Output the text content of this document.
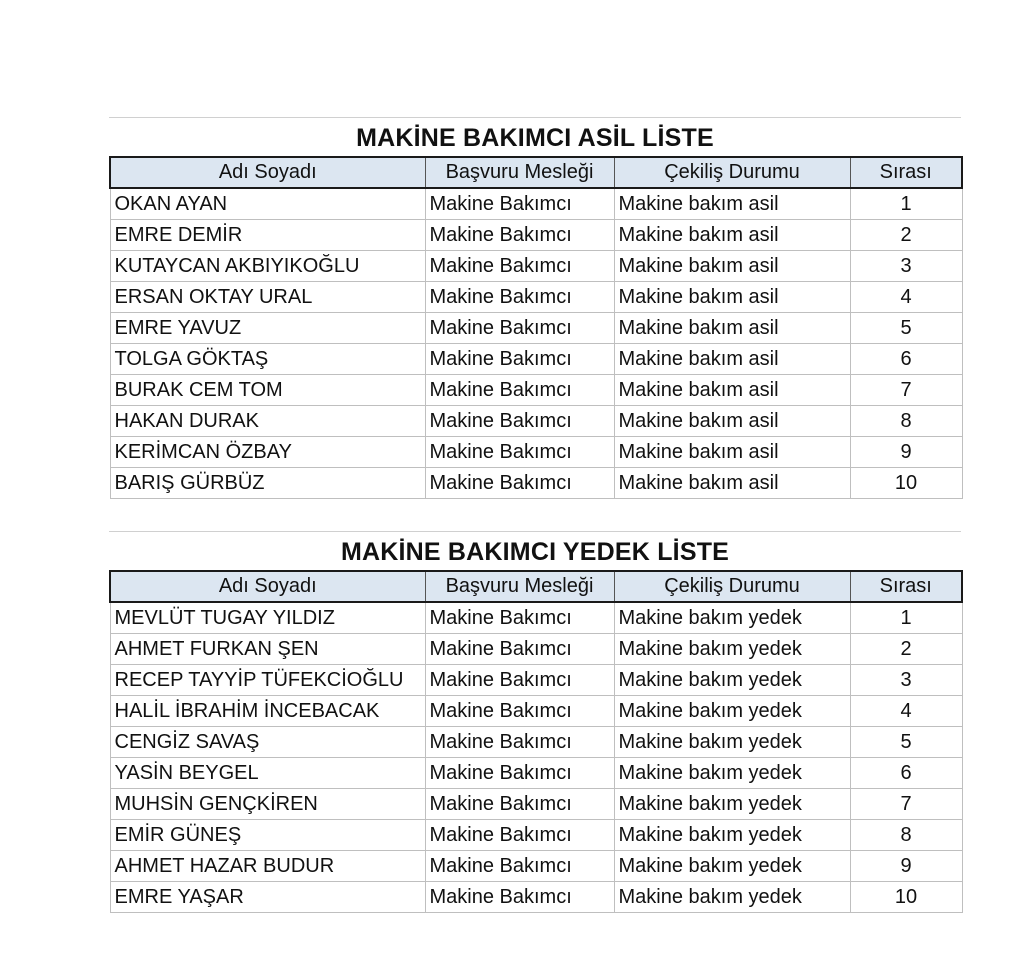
MAKİNE BAKIMCI ASİL LİSTE
Adı Soyadı	Başvuru Mesleği	Çekiliş Durumu	Sırası
OKAN AYAN	Makine Bakımcı	Makine bakım asil	1
EMRE DEMİR	Makine Bakımcı	Makine bakım asil	2
KUTAYCAN AKBIYIKOĞLU	Makine Bakımcı	Makine bakım asil	3
ERSAN OKTAY URAL	Makine Bakımcı	Makine bakım asil	4
EMRE YAVUZ	Makine Bakımcı	Makine bakım asil	5
TOLGA GÖKTAŞ	Makine Bakımcı	Makine bakım asil	6
BURAK CEM TOM	Makine Bakımcı	Makine bakım asil	7
HAKAN DURAK	Makine Bakımcı	Makine bakım asil	8
KERİMCAN ÖZBAY	Makine Bakımcı	Makine bakım asil	9
BARIŞ GÜRBÜZ	Makine Bakımcı	Makine bakım asil	10
MAKİNE BAKIMCI YEDEK LİSTE
Adı Soyadı	Başvuru Mesleği	Çekiliş Durumu	Sırası
MEVLÜT TUGAY YILDIZ	Makine Bakımcı	Makine bakım yedek	1
AHMET FURKAN ŞEN	Makine Bakımcı	Makine bakım yedek	2
RECEP TAYYİP TÜFEKCİOĞLU	Makine Bakımcı	Makine bakım yedek	3
HALİL İBRAHİM İNCEBACAK	Makine Bakımcı	Makine bakım yedek	4
CENGİZ SAVAŞ	Makine Bakımcı	Makine bakım yedek	5
YASİN BEYGEL	Makine Bakımcı	Makine bakım yedek	6
MUHSİN GENÇKİREN	Makine Bakımcı	Makine bakım yedek	7
EMİR GÜNEŞ	Makine Bakımcı	Makine bakım yedek	8
AHMET HAZAR BUDUR	Makine Bakımcı	Makine bakım yedek	9
EMRE YAŞAR	Makine Bakımcı	Makine bakım yedek	10
